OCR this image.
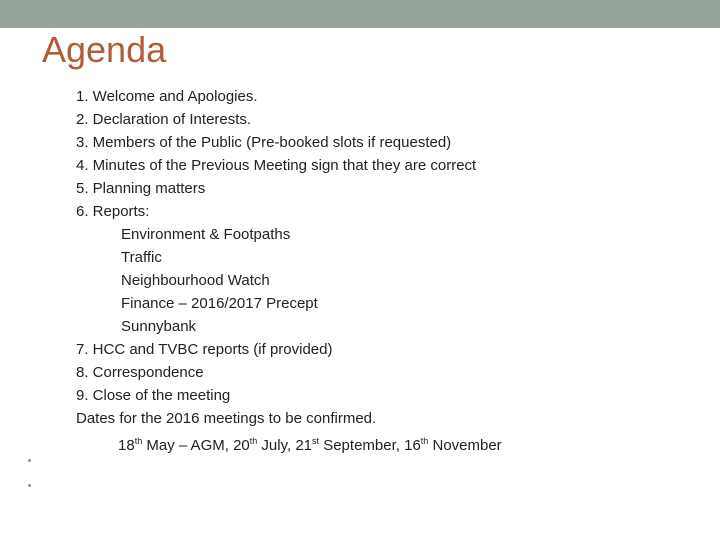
Agenda
1. Welcome and Apologies.
2. Declaration of Interests.
3. Members of the Public (Pre-booked slots if requested)
4. Minutes of the Previous Meeting sign that they are correct
5. Planning matters
6. Reports:
Environment & Footpaths
Traffic
Neighbourhood Watch
Finance – 2016/2017 Precept
Sunnybank
7. HCC and TVBC reports (if provided)
8. Correspondence
9. Close of the meeting
Dates for the 2016 meetings to be confirmed.
18th May – AGM, 20th July, 21st September, 16th November
